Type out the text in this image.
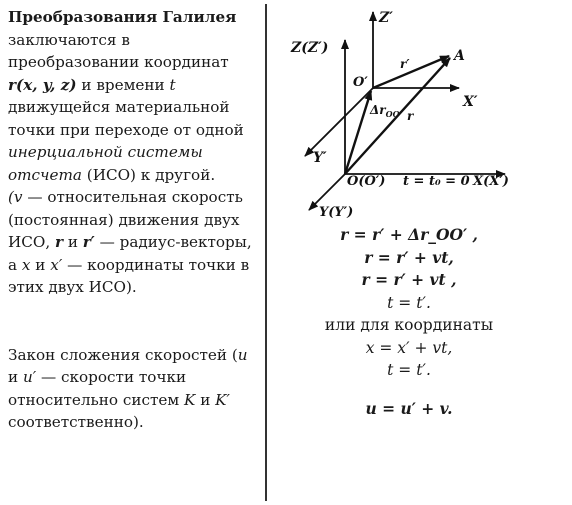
Преобразования Галилея заключаются в преобразовании координат r(x, y, z) и времени t движущейся материальной точки при переходе от одной инерциальной системы отсчета (ИСО) к другой.

(v — относительная скорость (постоянная) движения двух ИСО, r и r′ — радиус-векторы, а x и x′ — координаты точки в этих двух ИСО).

Закон сложения скоростей (u и u′ — скорости точки относительно систем K и K′ соответственно).

Z′
Z(Z′)
O′
A
r′
X′
$\Delta r_{OO'}$ r
Y′
O(O′) t = t₀ = 0 X(X′)
Y(Y′)
r = r′ + Δr_OO′ ,
r = r′ + vt,
r = r′ + vt ,
t = t′.
или для координаты
x = x′ + vt,
t = t′.
u = u′ + v.
